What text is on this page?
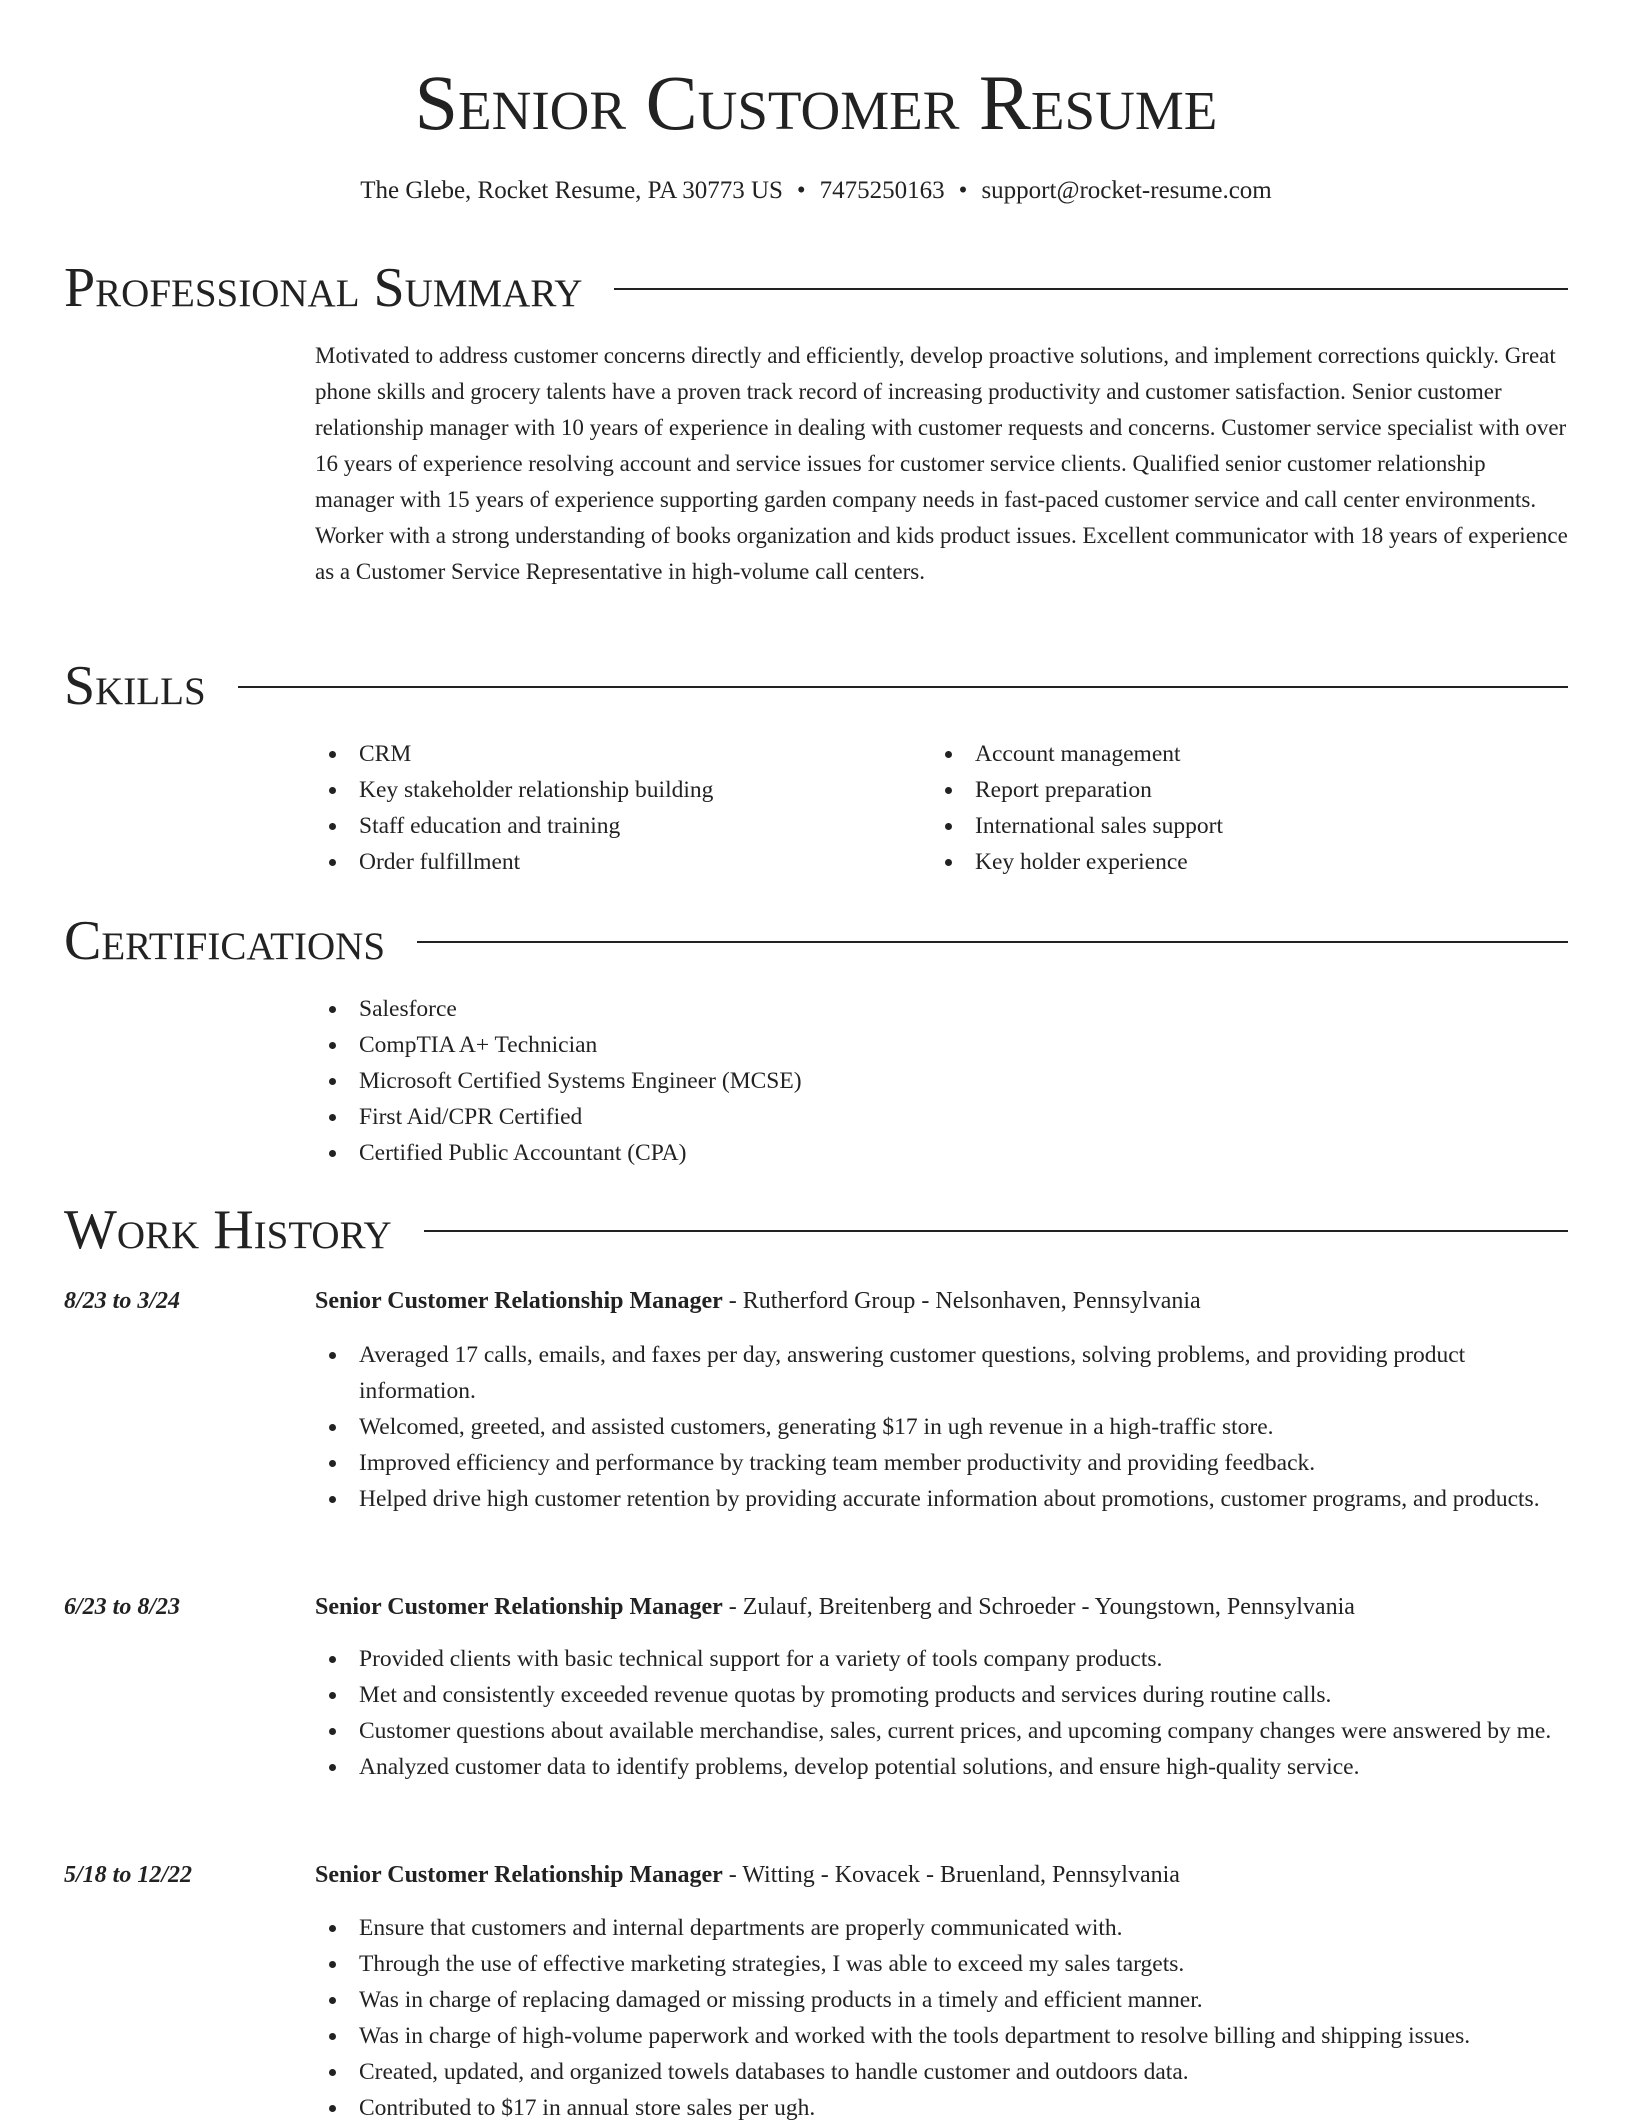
Senior Customer Resume
The Glebe, Rocket Resume, PA 30773 US • 7475250163 • support@rocket-resume.com
Professional Summary
Motivated to address customer concerns directly and efficiently, develop proactive solutions, and implement corrections quickly. Great phone skills and grocery talents have a proven track record of increasing productivity and customer satisfaction. Senior customer relationship manager with 10 years of experience in dealing with customer requests and concerns. Customer service specialist with over 16 years of experience resolving account and service issues for customer service clients. Qualified senior customer relationship manager with 15 years of experience supporting garden company needs in fast-paced customer service and call center environments. Worker with a strong understanding of books organization and kids product issues. Excellent communicator with 18 years of experience as a Customer Service Representative in high-volume call centers.
Skills
CRM
Key stakeholder relationship building
Staff education and training
Order fulfillment
Account management
Report preparation
International sales support
Key holder experience
Certifications
Salesforce
CompTIA A+ Technician
Microsoft Certified Systems Engineer (MCSE)
First Aid/CPR Certified
Certified Public Accountant (CPA)
Work History
8/23 to 3/24	Senior Customer Relationship Manager - Rutherford Group - Nelsonhaven, Pennsylvania
Averaged 17 calls, emails, and faxes per day, answering customer questions, solving problems, and providing product information.
Welcomed, greeted, and assisted customers, generating $17 in ugh revenue in a high-traffic store.
Improved efficiency and performance by tracking team member productivity and providing feedback.
Helped drive high customer retention by providing accurate information about promotions, customer programs, and products.
6/23 to 8/23	Senior Customer Relationship Manager - Zulauf, Breitenberg and Schroeder - Youngstown, Pennsylvania
Provided clients with basic technical support for a variety of tools company products.
Met and consistently exceeded revenue quotas by promoting products and services during routine calls.
Customer questions about available merchandise, sales, current prices, and upcoming company changes were answered by me.
Analyzed customer data to identify problems, develop potential solutions, and ensure high-quality service.
5/18 to 12/22	Senior Customer Relationship Manager - Witting - Kovacek - Bruenland, Pennsylvania
Ensure that customers and internal departments are properly communicated with.
Through the use of effective marketing strategies, I was able to exceed my sales targets.
Was in charge of replacing damaged or missing products in a timely and efficient manner.
Was in charge of high-volume paperwork and worked with the tools department to resolve billing and shipping issues.
Created, updated, and organized towels databases to handle customer and outdoors data.
Contributed to $17 in annual store sales per ugh.
